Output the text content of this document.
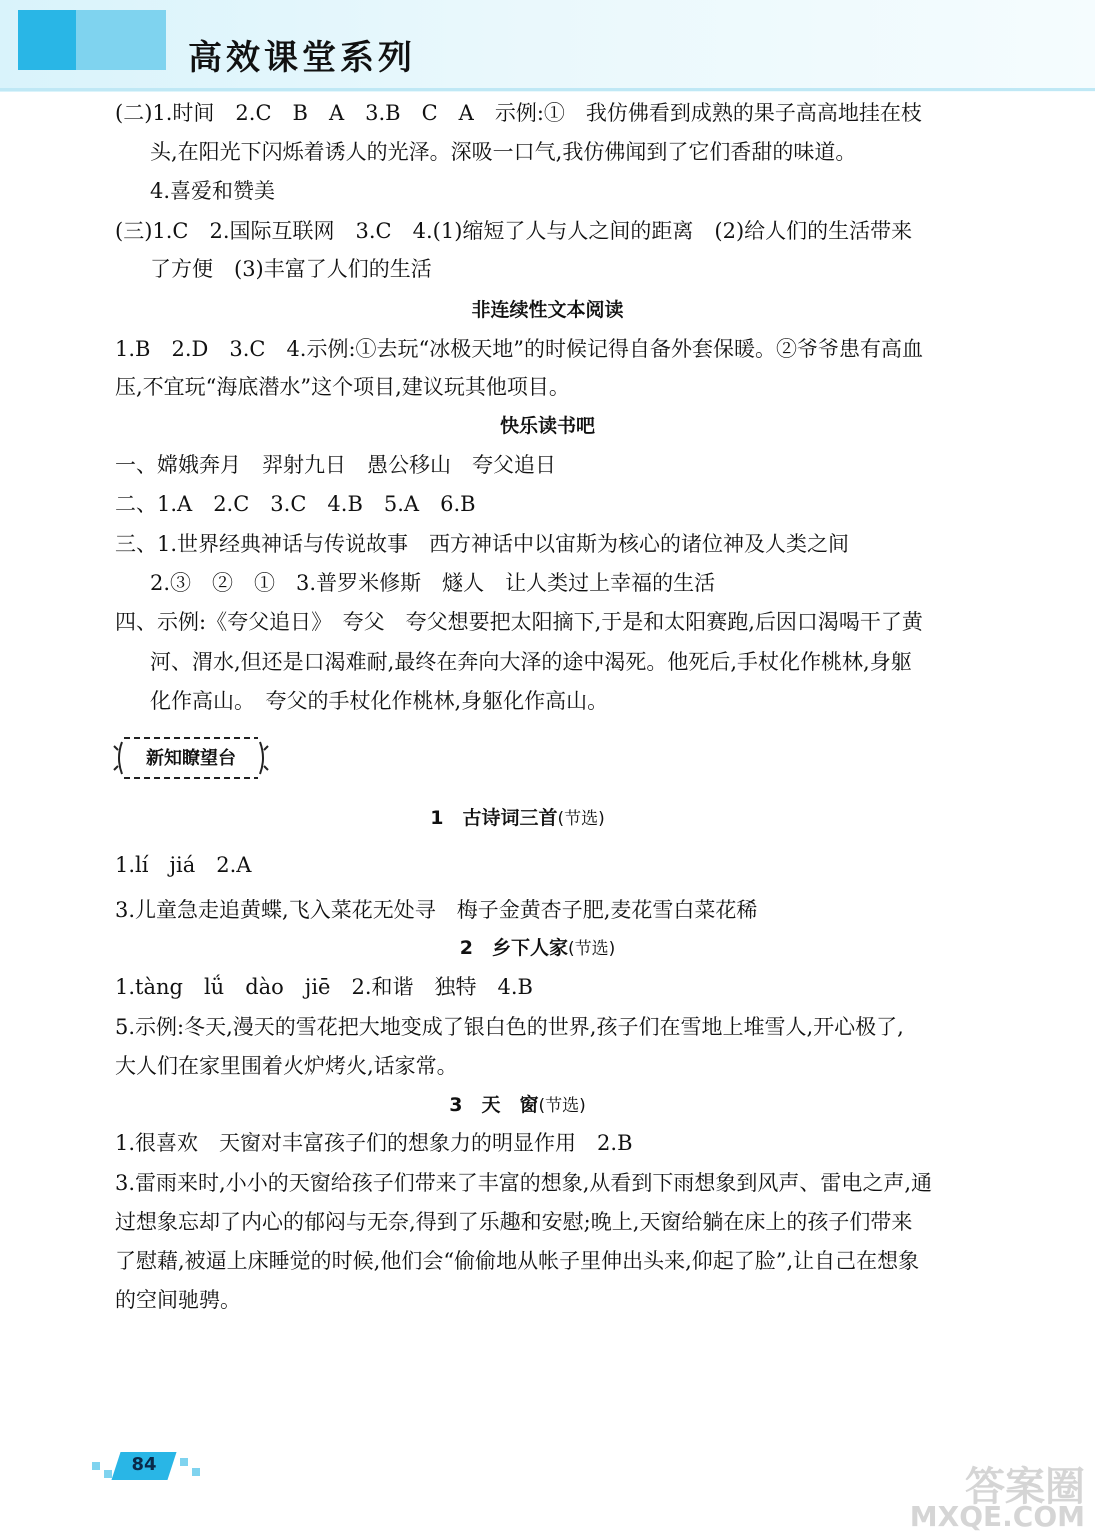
高效课堂系列
(二)1.时间　2.C　B　A　3.B　C　A　示例:①　我仿佛看到成熟的果子高高地挂在枝
头,在阳光下闪烁着诱人的光泽。深吸一口气,我仿佛闻到了它们香甜的味道。
4.喜爱和赞美
(三)1.C　2.国际互联网　3.C　4.(1)缩短了人与人之间的距离　(2)给人们的生活带来
了方便　(3)丰富了人们的生活
非连续性文本阅读
1.B　2.D　3.C　4.示例:①去玩“冰极天地”的时候记得自备外套保暖。②爷爷患有高血
压,不宜玩“海底潜水”这个项目,建议玩其他项目。
快乐读书吧
一、嫦娥奔月　羿射九日　愚公移山　夸父追日
二、1.A　2.C　3.C　4.B　5.A　6.B
三、1.世界经典神话与传说故事　西方神话中以宙斯为核心的诸位神及人类之间
2.③　②　①　3.普罗米修斯　燧人　让人类过上幸福的生活
四、示例:《夸父追日》　夸父　夸父想要把太阳摘下,于是和太阳赛跑,后因口渴喝干了黄
河、渭水,但还是口渴难耐,最终在奔向大泽的途中渴死。他死后,手杖化作桃林,身躯
化作高山。　夸父的手杖化作桃林,身躯化作高山。
新知瞭望台
1　古诗词三首(节选)
1.lí　jiá　2.A
3.儿童急走追黄蝶,飞入菜花无处寻　梅子金黄杏子肥,麦花雪白菜花稀
2　乡下人家(节选)
1.tàng　lǘ　dào　jiē　2.和谐　独特　4.B
5.示例:冬天,漫天的雪花把大地变成了银白色的世界,孩子们在雪地上堆雪人,开心极了,
大人们在家里围着火炉烤火,话家常。
3　天　窗(节选)
1.很喜欢　天窗对丰富孩子们的想象力的明显作用　2.B
3.雷雨来时,小小的天窗给孩子们带来了丰富的想象,从看到下雨想象到风声、雷电之声,通
过想象忘却了内心的郁闷与无奈,得到了乐趣和安慰;晚上,天窗给躺在床上的孩子们带来
了慰藉,被逼上床睡觉的时候,他们会“偷偷地从帐子里伸出头来,仰起了脸”,让自己在想象
的空间驰骋。
84	答案圈
MXQE.COM
